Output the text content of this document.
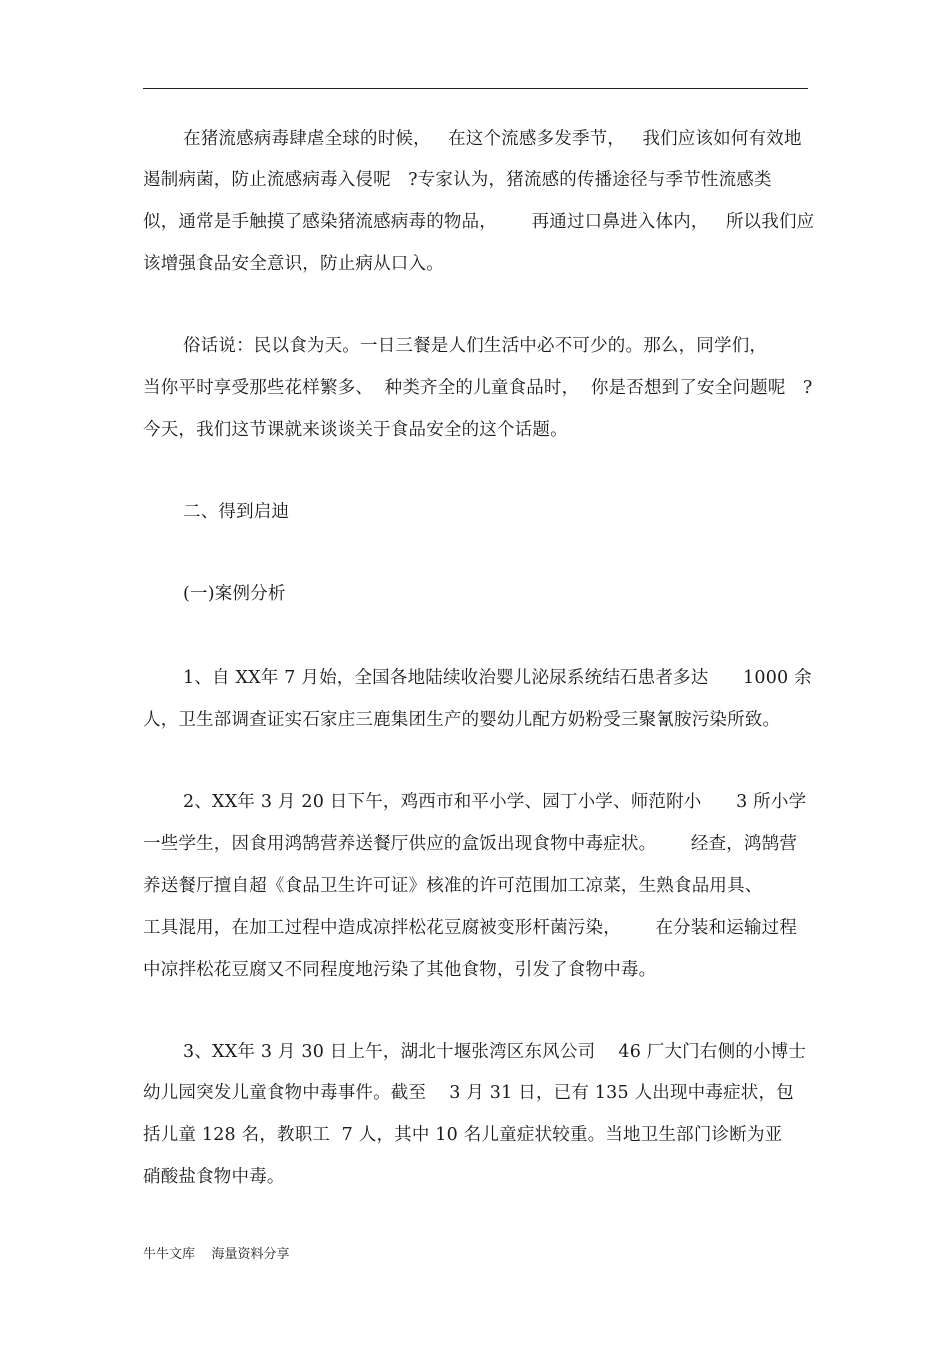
在猪流感病毒肆虐全球的时候，   在这个流感多发季节，   我们应该如何有效地
遏制病菌，防止流感病毒入侵呢   ?专家认为，猪流感的传播途径与季节性流感类
似，通常是手触摸了感染猪流感病毒的物品，      再通过口鼻进入体内，   所以我们应
该增强食品安全意识，防止病从口入。
俗话说：民以食为天。一日三餐是人们生活中必不可少的。那么，同学们，
当你平时享受那些花样繁多、  种类齐全的儿童食品时，  你是否想到了安全问题呢   ?
今天，我们这节课就来谈谈关于食品安全的这个话题。
二、得到启迪
(一)案例分析
1、自 XX年 7 月始，全国各地陆续收治婴儿泌尿系统结石患者多达      1000 余
人，卫生部调查证实石家庄三鹿集团生产的婴幼儿配方奶粉受三聚氰胺污染所致。
2、XX年 3 月 20 日下午，鸡西市和平小学、园丁小学、师范附小      3 所小学
一些学生，因食用鸿鹄营养送餐厅供应的盒饭出现食物中毒症状。      经查，鸿鹄营
养送餐厅擅自超《食品卫生许可证》核准的许可范围加工凉菜，生熟食品用具、
工具混用，在加工过程中造成凉拌松花豆腐被变形杆菌污染，      在分装和运输过程
中凉拌松花豆腐又不同程度地污染了其他食物，引发了食物中毒。
3、XX年 3 月 30 日上午，湖北十堰张湾区东风公司    46 厂大门右侧的小博士
幼儿园突发儿童食物中毒事件。截至    3 月 31 日，已有 135 人出现中毒症状，包
括儿童 128 名，教职工  7 人，其中 10 名儿童症状较重。当地卫生部门诊断为亚
硝酸盐食物中毒。
牛牛文库    海量资料分享
